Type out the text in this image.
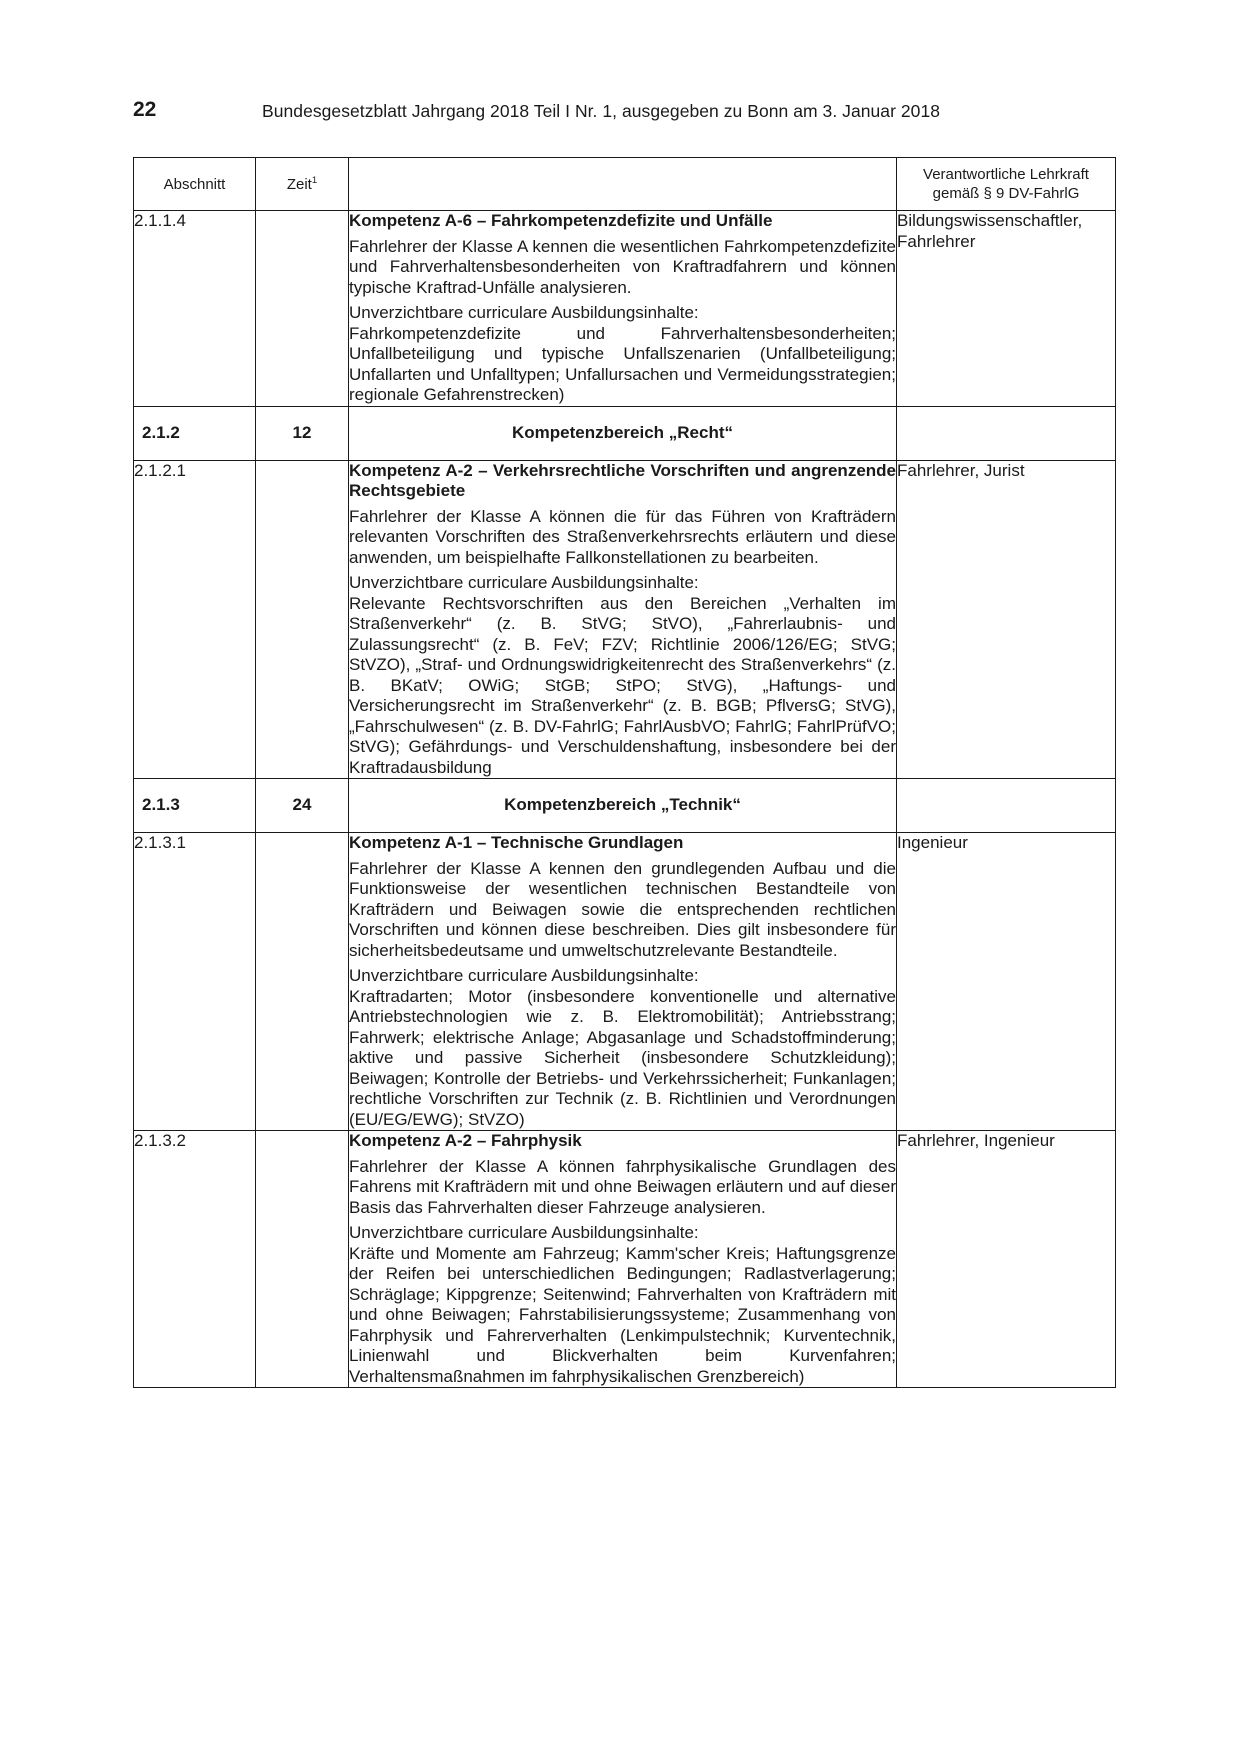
22	Bundesgesetzblatt Jahrgang 2018 Teil I Nr. 1, ausgegeben zu Bonn am 3. Januar 2018
Abschnitt	Zeit$^1$		Verantwortliche Lehrkraft
gemäß § 9 DV-FahrlG

2.1.1.4		Kompetenz A-6 – Fahrkompetenzdefizite und Unfälle
Fahrlehrer der Klasse A kennen die wesentlichen Fahrkompetenzdefizite und Fahrverhaltensbesonderheiten von Kraftradfahrern und können typische Kraftrad-Unfälle analysieren.
Unverzichtbare curriculare Ausbildungsinhalte:
Fahrkompetenzdefizite und Fahrverhaltensbesonderheiten; Unfallbeteiligung und typische Unfallszenarien (Unfallbeteiligung; Unfallarten und Unfalltypen; Unfallursachen und Vermeidungsstrategien; regionale Gefahrenstrecken)	Bildungswissenschaftler, Fahrlehrer
2.1.2	12	Kompetenzbereich „Recht“	
2.1.2.1		Kompetenz A-2 – Verkehrsrechtliche Vorschriften und angrenzende Rechtsgebiete
Fahrlehrer der Klasse A können die für das Führen von Krafträdern relevanten Vorschriften des Straßenverkehrsrechts erläutern und diese anwenden, um beispielhafte Fallkonstellationen zu bearbeiten.
Unverzichtbare curriculare Ausbildungsinhalte:
Relevante Rechtsvorschriften aus den Bereichen „Verhalten im Straßenverkehr“ (z. B. StVG; StVO), „Fahrerlaubnis- und Zulassungsrecht“ (z. B. FeV; FZV; Richtlinie 2006/126/EG; StVG; StVZO), „Straf- und Ordnungswidrigkeitenrecht des Straßenverkehrs“ (z. B. BKatV; OWiG; StGB; StPO; StVG), „Haftungs- und Versicherungsrecht im Straßenverkehr“ (z. B. BGB; PflversG; StVG), „Fahrschulwesen“ (z. B. DV-FahrlG; FahrlAusbVO; FahrlG; FahrlPrüfVO; StVG); Gefährdungs- und Verschuldenshaftung, insbesondere bei der Kraftradausbildung	Fahrlehrer, Jurist
2.1.3	24	Kompetenzbereich „Technik“	
2.1.3.1		Kompetenz A-1 – Technische Grundlagen
Fahrlehrer der Klasse A kennen den grundlegenden Aufbau und die Funktionsweise der wesentlichen technischen Bestandteile von Krafträdern und Beiwagen sowie die entsprechenden rechtlichen Vorschriften und können diese beschreiben. Dies gilt insbesondere für sicherheitsbedeutsame und umweltschutzrelevante Bestandteile.
Unverzichtbare curriculare Ausbildungsinhalte:
Kraftradarten; Motor (insbesondere konventionelle und alternative Antriebstechnologien wie z. B. Elektromobilität); Antriebsstrang; Fahrwerk; elektrische Anlage; Abgasanlage und Schadstoffminderung; aktive und passive Sicherheit (insbesondere Schutzkleidung); Beiwagen; Kontrolle der Betriebs- und Verkehrssicherheit; Funkanlagen; rechtliche Vorschriften zur Technik (z. B. Richtlinien und Verordnungen (EU/EG/EWG); StVZO)	Ingenieur
2.1.3.2		Kompetenz A-2 – Fahrphysik
Fahrlehrer der Klasse A können fahrphysikalische Grundlagen des Fahrens mit Krafträdern mit und ohne Beiwagen erläutern und auf dieser Basis das Fahrverhalten dieser Fahrzeuge analysieren.
Unverzichtbare curriculare Ausbildungsinhalte:
Kräfte und Momente am Fahrzeug; Kamm'scher Kreis; Haftungsgrenze der Reifen bei unterschiedlichen Bedingungen; Radlastverlagerung; Schräglage; Kippgrenze; Seitenwind; Fahrverhalten von Krafträdern mit und ohne Beiwagen; Fahrstabilisierungssysteme; Zusammenhang von Fahrphysik und Fahrerverhalten (Lenkimpulstechnik; Kurventechnik, Linienwahl und Blickverhalten beim Kurvenfahren; Verhaltensmaßnahmen im fahrphysikalischen Grenzbereich)	Fahrlehrer, Ingenieur
